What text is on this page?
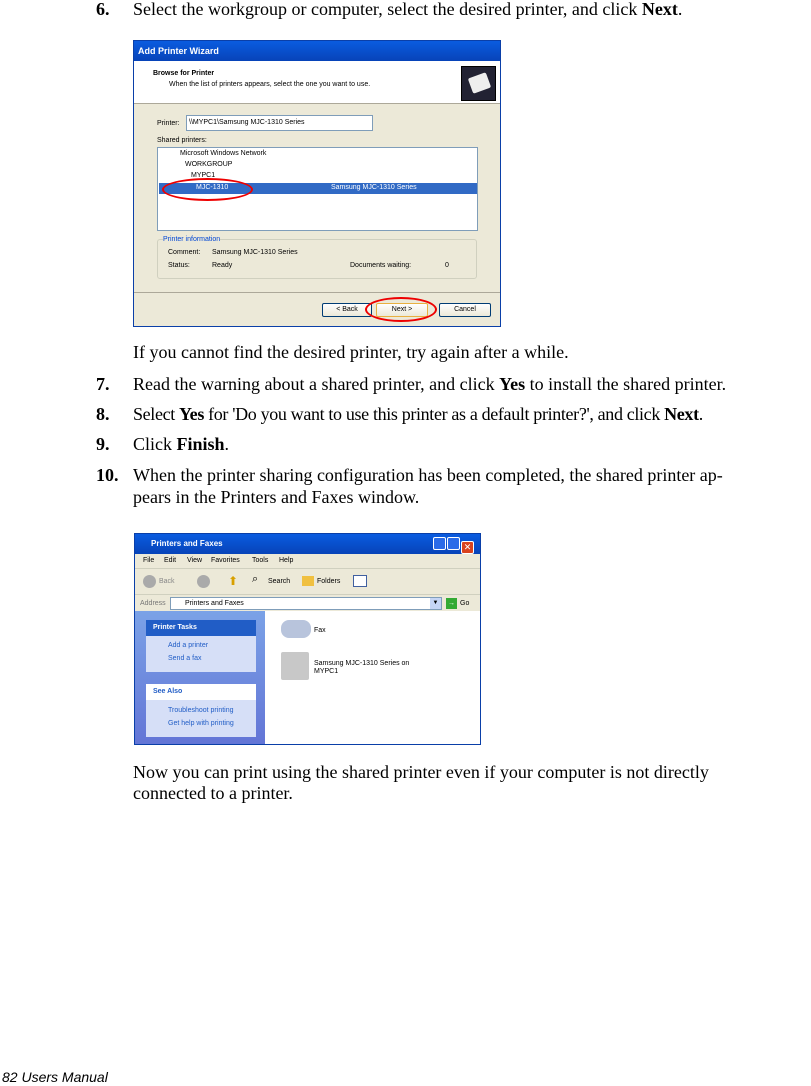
6. Select the workgroup or computer, select the desired printer, and click Next.
Add Printer Wizard
Browse for Printer
When the list of printers appears, select the one you want to use.
Printer:	\\MYPC1\Samsung MJC-1310 Series
Shared printers:
Microsoft Windows Network
WORKGROUP
MYPC1
MJC-1310	Samsung MJC-1310 Series
Printer information
Comment: Samsung MJC-1310 Series
Status:	Ready	Documents waiting:	0
< Back	Next >	Cancel
If you cannot find the desired printer, try again after a while.
7. Read the warning about a shared printer, and click Yes to install the shared printer.
8. Select Yes for 'Do you want to use this printer as a default printer?', and click Next.
9. Click Finish.
10. When the printer sharing configuration has been completed, the shared printer ap-
pears in the Printers and Faxes window.
Printers and Faxes	✕
File Edit View Favorites Tools Help
Back	⬆ ⌕ Search	Folders
Address	Printers and Faxes	▼	→ Go
Printer Tasks
Add a printer
Send a fax
See Also
Troubleshoot printing
Get help with printing
Fax
Samsung MJC-1310 Series on
MYPC1
Now you can print using the shared printer even if your computer is not directly
connected to a printer.
82 Users Manual
